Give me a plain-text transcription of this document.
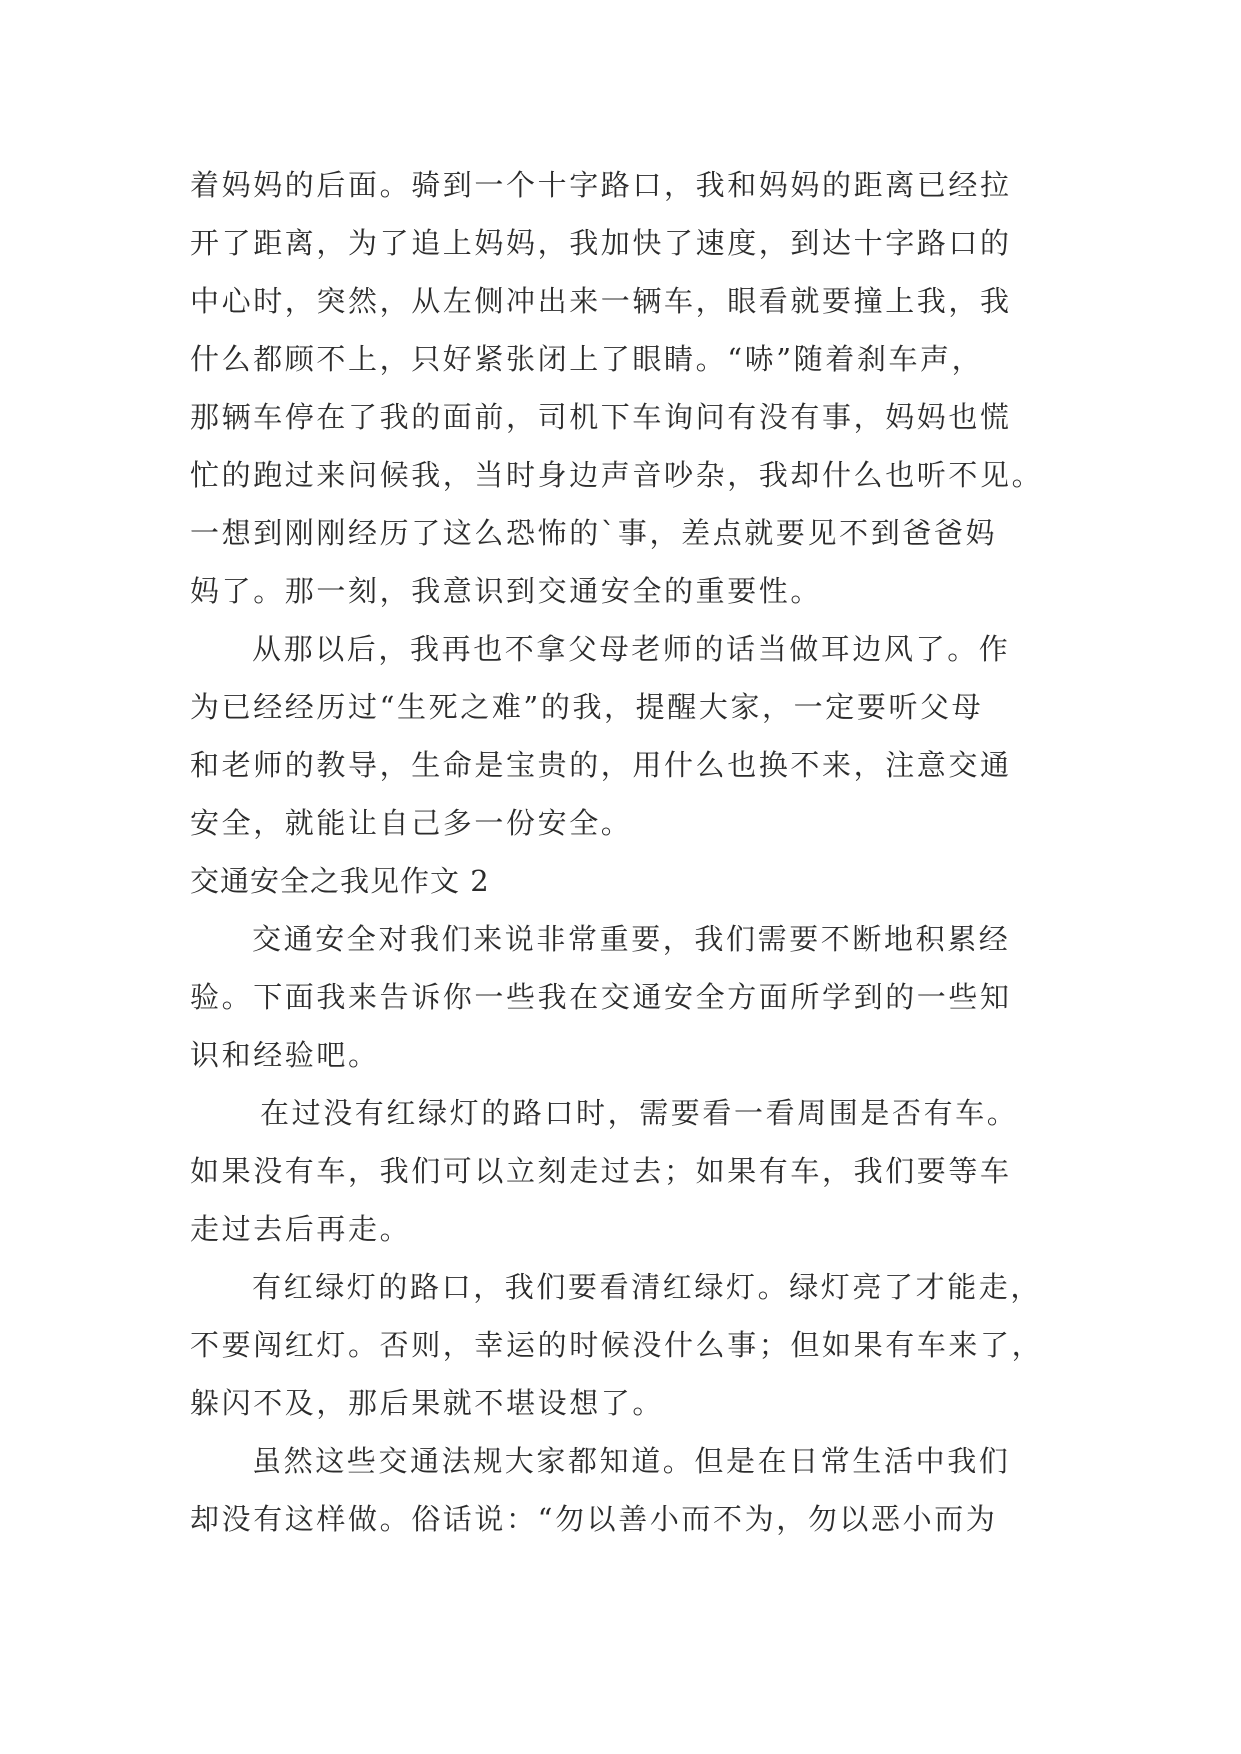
着妈妈的后面。骑到一个十字路口，我和妈妈的距离已经拉

开了距离，为了追上妈妈，我加快了速度，到达十字路口的

中心时，突然，从左侧冲出来一辆车，眼看就要撞上我，我

什么都顾不上，只好紧张闭上了眼睛。“哧”随着刹车声，

那辆车停在了我的面前，司机下车询问有没有事，妈妈也慌

忙的跑过来问候我，当时身边声音吵杂，我却什么也听不见。

一想到刚刚经历了这么恐怖的`事，差点就要见不到爸爸妈

妈了。那一刻，我意识到交通安全的重要性。

从那以后，我再也不拿父母老师的话当做耳边风了。作

为已经经历过“生死之难”的我，提醒大家，一定要听父母

和老师的教导，生命是宝贵的，用什么也换不来，注意交通

安全，就能让自己多一份安全。

交通安全之我见作文 2

交通安全对我们来说非常重要，我们需要不断地积累经

验。下面我来告诉你一些我在交通安全方面所学到的一些知

识和经验吧。

在过没有红绿灯的路口时，需要看一看周围是否有车。

如果没有车，我们可以立刻走过去；如果有车，我们要等车

走过去后再走。

有红绿灯的路口，我们要看清红绿灯。绿灯亮了才能走，

不要闯红灯。否则，幸运的时候没什么事；但如果有车来了，

躲闪不及，那后果就不堪设想了。

虽然这些交通法规大家都知道。但是在日常生活中我们

却没有这样做。俗话说：“勿以善小而不为，勿以恶小而为
